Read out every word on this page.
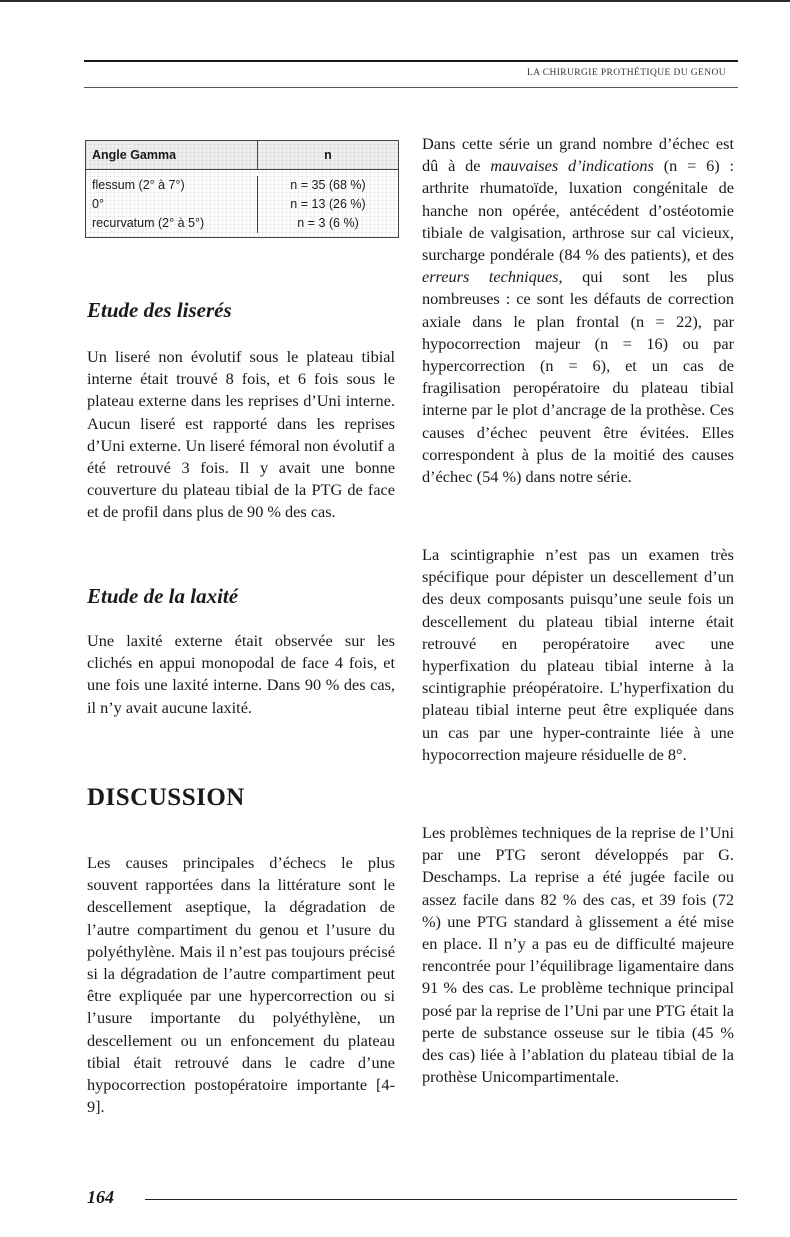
LA CHIRURGIE PROTHÉTIQUE DU GENOU
Angle Gamma	n
flessum (2° à 7°)	n = 35 (68 %)
0°	n = 13 (26 %)
recurvatum (2° à 5°)	n = 3 (6 %)
Etude des liserés

Un liseré non évolutif sous le plateau tibial interne était trouvé 8 fois, et 6 fois sous le plateau externe dans les reprises d’Uni interne. Aucun liseré est rapporté dans les reprises d’Uni externe. Un liseré fémoral non évolutif a été retrouvé 3 fois. Il y avait une bonne couverture du plateau tibial de la PTG de face et de profil dans plus de 90 % des cas.

Etude de la laxité

Une laxité externe était observée sur les clichés en appui monopodal de face 4 fois, et une fois une laxité interne. Dans 90 % des cas, il n’y avait aucune laxité.

DISCUSSION

Les causes principales d’échecs le plus souvent rapportées dans la littérature sont le descellement aseptique, la dégradation de l’autre compartiment du genou et l’usure du polyéthylène. Mais il n’est pas toujours précisé si la dégradation de l’autre compartiment peut être expliquée par une hypercorrection ou si l’usure importante du polyéthylène, un descellement ou un enfoncement du plateau tibial était retrouvé dans le cadre d’une hypocorrection postopératoire importante [4-9].

Dans cette série un grand nombre d’échec est dû à de mauvaises d’indications (n = 6) : arthrite rhumatoïde, luxation congénitale de hanche non opérée, antécédent d’ostéotomie tibiale de valgisation, arthrose sur cal vicieux, surcharge pondérale (84 % des patients), et des erreurs techniques, qui sont les plus nombreuses : ce sont les défauts de correction axiale dans le plan frontal (n = 22), par hypocorrection majeur (n = 16) ou par hypercorrection (n = 6), et un cas de fragilisation peropératoire du plateau tibial interne par le plot d’ancrage de la prothèse. Ces causes d’échec peuvent être évitées. Elles correspondent à plus de la moitié des causes d’échec (54 %) dans notre série.

La scintigraphie n’est pas un examen très spécifique pour dépister un descellement d’un des deux composants puisqu’une seule fois un descellement du plateau tibial interne était retrouvé en peropératoire avec une hyperfixation du plateau tibial interne à la scintigraphie préopératoire. L’hyperfixation du plateau tibial interne peut être expliquée dans un cas par une hyper-contrainte liée à une hypocorrection majeure résiduelle de 8°.

Les problèmes techniques de la reprise de l’Uni par une PTG seront développés par G. Deschamps. La reprise a été jugée facile ou assez facile dans 82 % des cas, et 39 fois (72 %) une PTG standard à glissement a été mise en place. Il n’y a pas eu de difficulté majeure rencontrée pour l’équilibrage ligamentaire dans 91 % des cas. Le problème technique principal posé par la reprise de l’Uni par une PTG était la perte de substance osseuse sur le tibia (45 % des cas) liée à l’ablation du plateau tibial de la prothèse Unicompartimentale.

164
